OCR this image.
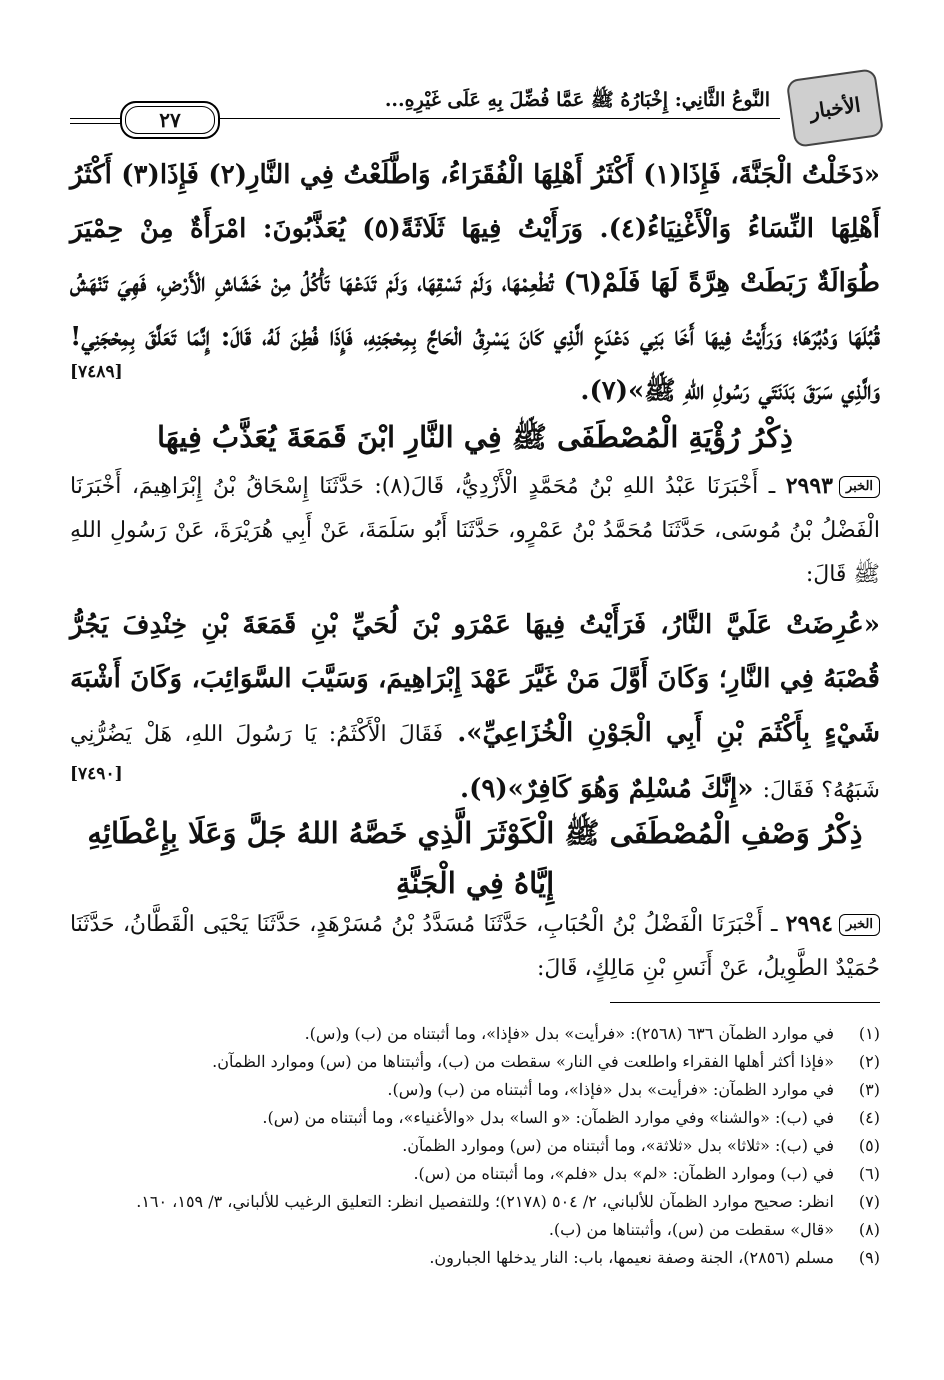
الأخبار
النَّوعُ الثَّانِي: إِخْبَارُهُ ﷺ عَمَّا فُضِّلَ بِهِ عَلَى غَيْرِهِ...
٢٧
«دَخَلْتُ الْجَنَّةَ، فَإِذَا(١) أَكْثَرُ أَهْلِهَا الْفُقَرَاءُ، وَاطَّلَعْتُ فِي النَّارِ(٢) فَإِذَا(٣) أَكْثَرُ أَهْلِهَا النِّسَاءُ وَالْأَغْنِيَاءُ(٤). وَرَأَيْتُ فِيهَا ثَلَاثَةً(٥) يُعَذَّبُونَ: امْرَأَةٌ مِنْ حِمْيَرَ طُوَالَةٌ رَبَطَتْ هِرَّةً لَهَا فَلَمْ(٦) تُطْعِمْهَا، وَلَمْ تَسْقِهَا، وَلَمْ تَدَعْهَا تَأْكُلُ مِنْ خَشَاشِ الْأَرْضِ، فَهِيَ تَنْهَشُ قُبُلَهَا وَدُبُرَهَا؛ وَرَأَيْتُ فِيهَا أَخَا بَنِي دَعْدَعٍ الَّذِي كَانَ يَسْرِقُ الْحَاجَّ بِمِحْجَنِهِ، فَإِذَا فُطِنَ لَهُ، قَالَ: إِنَّمَا تَعَلَّقَ بِمِحْجَنِي! وَالَّذِي سَرَقَ بَدَنَتَي رَسُولِ اللهِ ﷺ»(٧).
[٧٤٨٩]
ذِكْرُ رُؤْيَةِ الْمُصْطَفَى ﷺ فِي النَّارِ ابْنَ قَمَعَةَ يُعَذَّبُ فِيهَا
الخبر٢٩٩٣ ـ أَخْبَرَنَا عَبْدُ اللهِ بْنُ مُحَمَّدٍ الْأَزْدِيُّ، قَالَ(٨): حَدَّثَنَا إِسْحَاقُ بْنُ إِبْرَاهِيمَ، أَخْبَرَنَا الْفَضْلُ بْنُ مُوسَى، حَدَّثَنَا مُحَمَّدُ بْنُ عَمْرٍو، حَدَّثَنَا أَبُو سَلَمَةَ، عَنْ أَبِي هُرَيْرَةَ، عَنْ رَسُولِ اللهِ ﷺ قَالَ:
«عُرِضَتْ عَلَيَّ النَّارُ، فَرَأَيْتُ فِيهَا عَمْرَو بْنَ لُحَيِّ بْنِ قَمَعَةَ بْنِ خِنْدِفَ يَجُرُّ قُصْبَهُ فِي النَّارِ؛ وَكَانَ أَوَّلَ مَنْ غَيَّرَ عَهْدَ إِبْرَاهِيمَ، وَسَيَّبَ السَّوَائِبَ، وَكَانَ أَشْبَهَ شَيْءٍ بِأَكْثَمَ بْنِ أَبِي الْجَوْنِ الْخُزَاعِيِّ». فَقَالَ الْأَكْثَمُ: يَا رَسُولَ اللهِ، هَلْ يَضُرُّنِي شَبَهُهُ؟ فَقَالَ: «إِنَّكَ مُسْلِمٌ وَهُوَ كَافِرٌ»(٩).
[٧٤٩٠]
ذِكْرُ وَصْفِ الْمُصْطَفَى ﷺ الْكَوْثَرَ الَّذِي خَصَّهُ اللهُ جَلَّ وَعَلَا بِإِعْطَائِهِ إِيَّاهُ فِي الْجَنَّةِ
الخبر٢٩٩٤ ـ أَخْبَرَنَا الْفَضْلُ بْنُ الْحُبَابِ، حَدَّثَنَا مُسَدَّدُ بْنُ مُسَرْهَدٍ، حَدَّثَنَا يَحْيَى الْقَطَّانُ، حَدَّثَنَا حُمَيْدٌ الطَّوِيلُ، عَنْ أَنَسِ بْنِ مَالِكٍ، قَالَ:
(١)
في موارد الظمآن ٦٣٦ (٢٥٦٨): «فرأيت» بدل «فإذا»، وما أثبتناه من (ب) و(س).
(٢)
«فإذا أكثر أهلها الفقراء واطلعت في النار» سقطت من (ب)، وأثبتناها من (س) وموارد الظمآن.
(٣)
في موارد الظمآن: «فرأيت» بدل «فإذا»، وما أثبتناه من (ب) و(س).
(٤)
في (ب): «والشنا» وفي موارد الظمآن: «و السا» بدل «والأغنياء»، وما أثبتناه من (س).
(٥)
في (ب): «ثلاثا» بدل «ثلاثة»، وما أثبتناه من (س) وموارد الظمآن.
(٦)
في (ب) وموارد الظمآن: «لم» بدل «فلم»، وما أثبتناه من (س).
(٧)
انظر: صحيح موارد الظمآن للألباني، ٢/ ٥٠٤ (٢١٧٨)؛ وللتفصيل انظر: التعليق الرغيب للألباني، ٣/ ١٥٩، ١٦٠.
(٨)
«قال» سقطت من (س)، وأثبتناها من (ب).
(٩)
مسلم (٢٨٥٦)، الجنة وصفة نعيمها، باب: النار يدخلها الجبارون.
